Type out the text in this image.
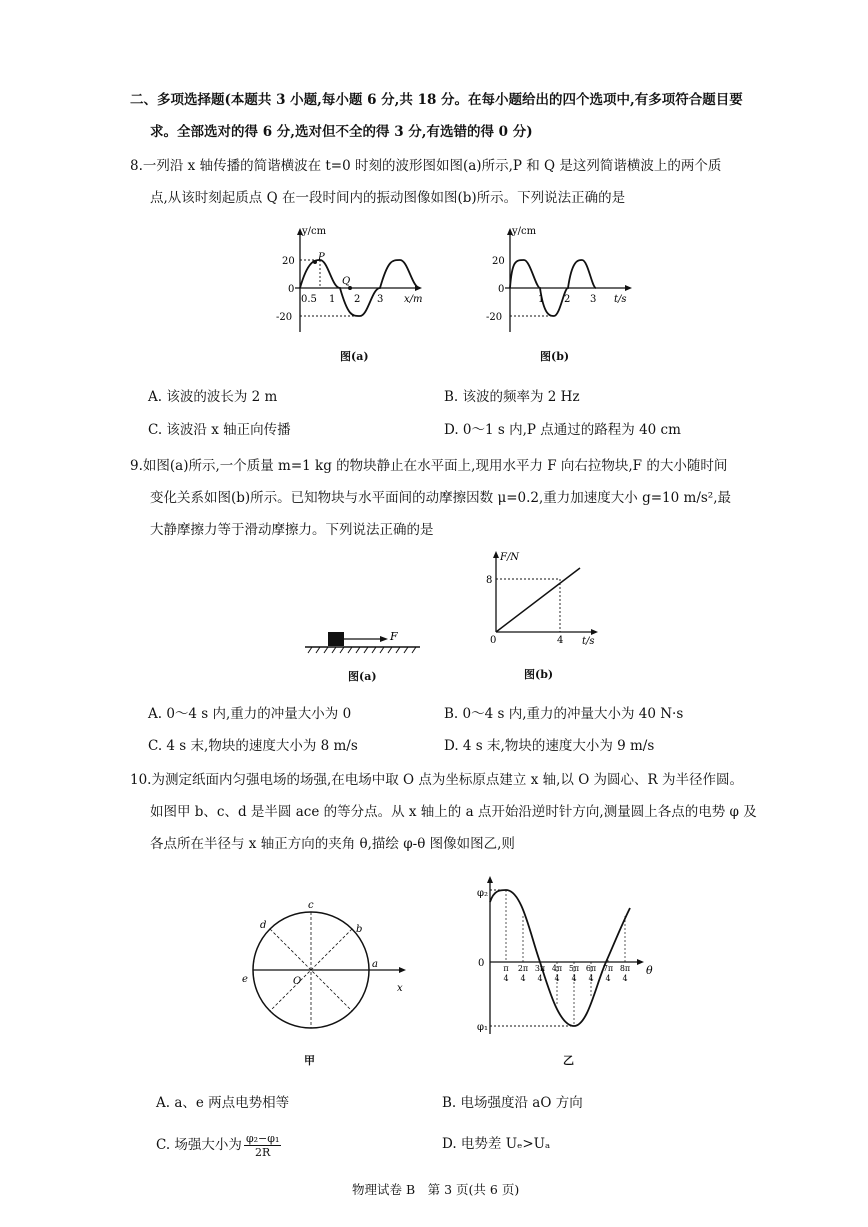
二、多项选择题(本题共 3 小题,每小题 6 分,共 18 分。在每小题给出的四个选项中,有多项符合题目要
求。全部选对的得 6 分,选对但不全的得 3 分,有选错的得 0 分)
8.一列沿 x 轴传播的简谐横波在 t=0 时刻的波形图如图(a)所示,P 和 Q 是这列简谐横波上的两个质
点,从该时刻起质点 Q 在一段时间内的振动图像如图(b)所示。下列说法正确的是
y/cm
x/m
20
0
-20
0.5 1 2 3
P
Q
图(a)
y/cm
t/s
20
0
-20
1 2 3
图(b)
A. 该波的波长为 2 m	B. 该波的频率为 2 Hz
C. 该波沿 x 轴正向传播	D. 0～1 s 内,P 点通过的路程为 40 cm
9.如图(a)所示,一个质量 m=1 kg 的物块静止在水平面上,现用水平力 F 向右拉物块,F 的大小随时间
变化关系如图(b)所示。已知物块与水平面间的动摩擦因数 μ=0.2,重力加速度大小 g=10 m/s²,最
大静摩擦力等于滑动摩擦力。下列说法正确的是
F
图(a)
F/N
t/s
8
0	4
图(b)
A. 0～4 s 内,重力的冲量大小为 0	B. 0～4 s 内,重力的冲量大小为 40 N·s
C. 4 s 末,物块的速度大小为 8 m/s	D. 4 s 末,物块的速度大小为 9 m/s
10.为测定纸面内匀强电场的场强,在电场中取 O 点为坐标原点建立 x 轴,以 O 为圆心、R 为半径作圆。
如图甲 b、c、d 是半圆 ace 的等分点。从 x 轴上的 a 点开始沿逆时针方向,测量圆上各点的电势 φ 及
各点所在半径与 x 轴正方向的夹角 θ,描绘 φ-θ 图像如图乙,则
a
b
c
d
e	O
x
甲
φ₂
φ₁
0
θ
π 2π 3π 4π 5π 6π 7π 8π
4 4 4 4 4 4 4 4
乙
A. a、e 两点电势相等	B. 电场强度沿 aO 方向
C. 场强大小为 $\frac{\text{φ₂−φ₁}}{2R}$	D. 电势差 Uₑ>Uₐ
物理试卷 B　第 3 页(共 6 页)
